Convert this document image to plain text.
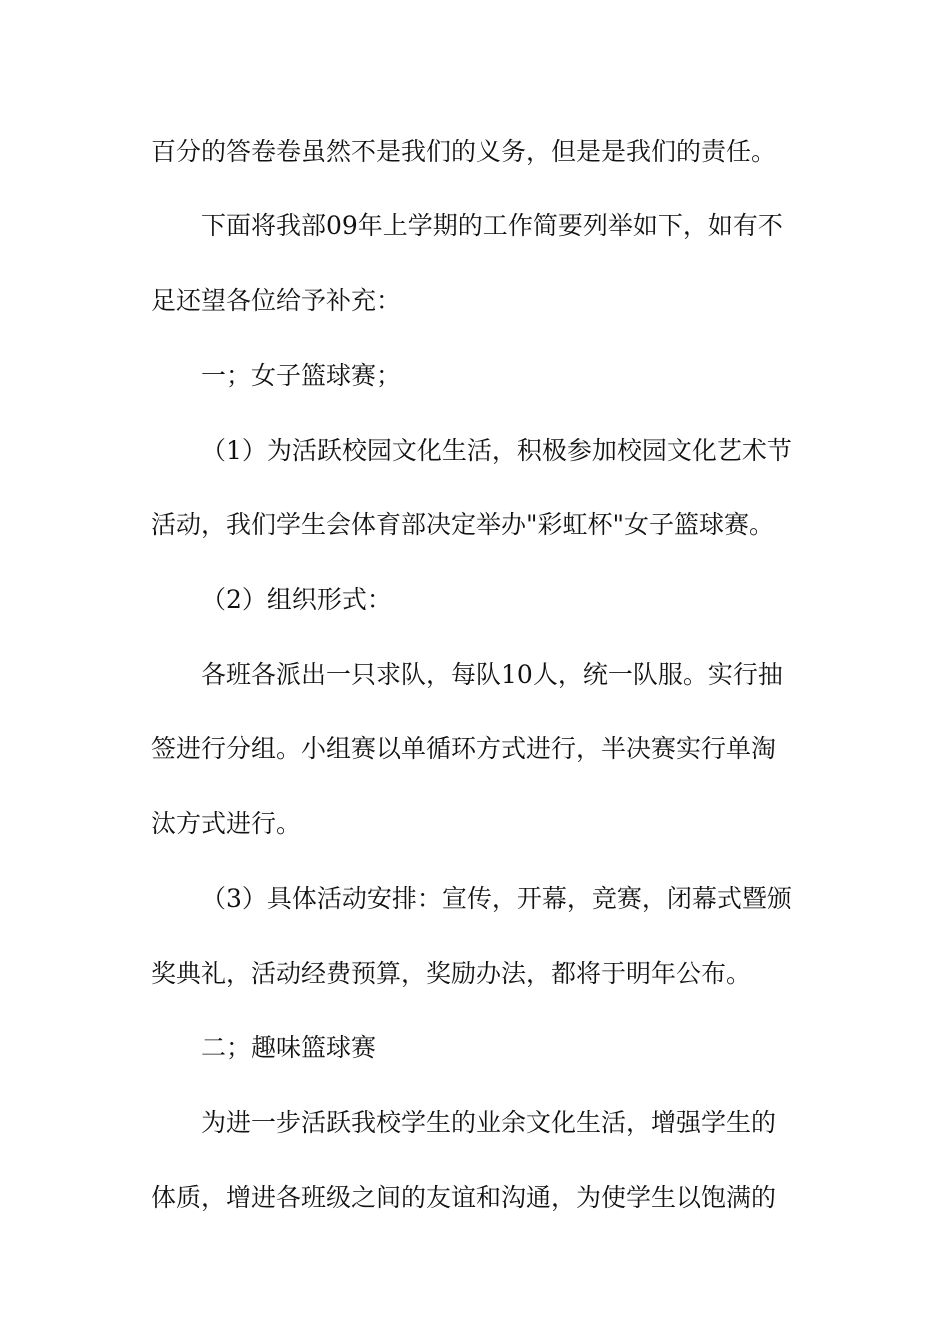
百分的答卷卷虽然不是我们的义务，但是是我们的责任。
下面将我部09年上学期的工作简要列举如下，如有不
足还望各位给予补充：
一；女子篮球赛；
（1）为活跃校园文化生活，积极参加校园文化艺术节
活动，我们学生会体育部决定举办"彩虹杯"女子篮球赛。
（2）组织形式：
各班各派出一只求队，每队10人，统一队服。实行抽
签进行分组。小组赛以单循环方式进行，半决赛实行单淘
汰方式进行。
（3）具体活动安排：宣传，开幕，竞赛，闭幕式暨颁
奖典礼，活动经费预算，奖励办法，都将于明年公布。
二；趣味篮球赛
为进一步活跃我校学生的业余文化生活，增强学生的
体质，增进各班级之间的友谊和沟通，为使学生以饱满的
